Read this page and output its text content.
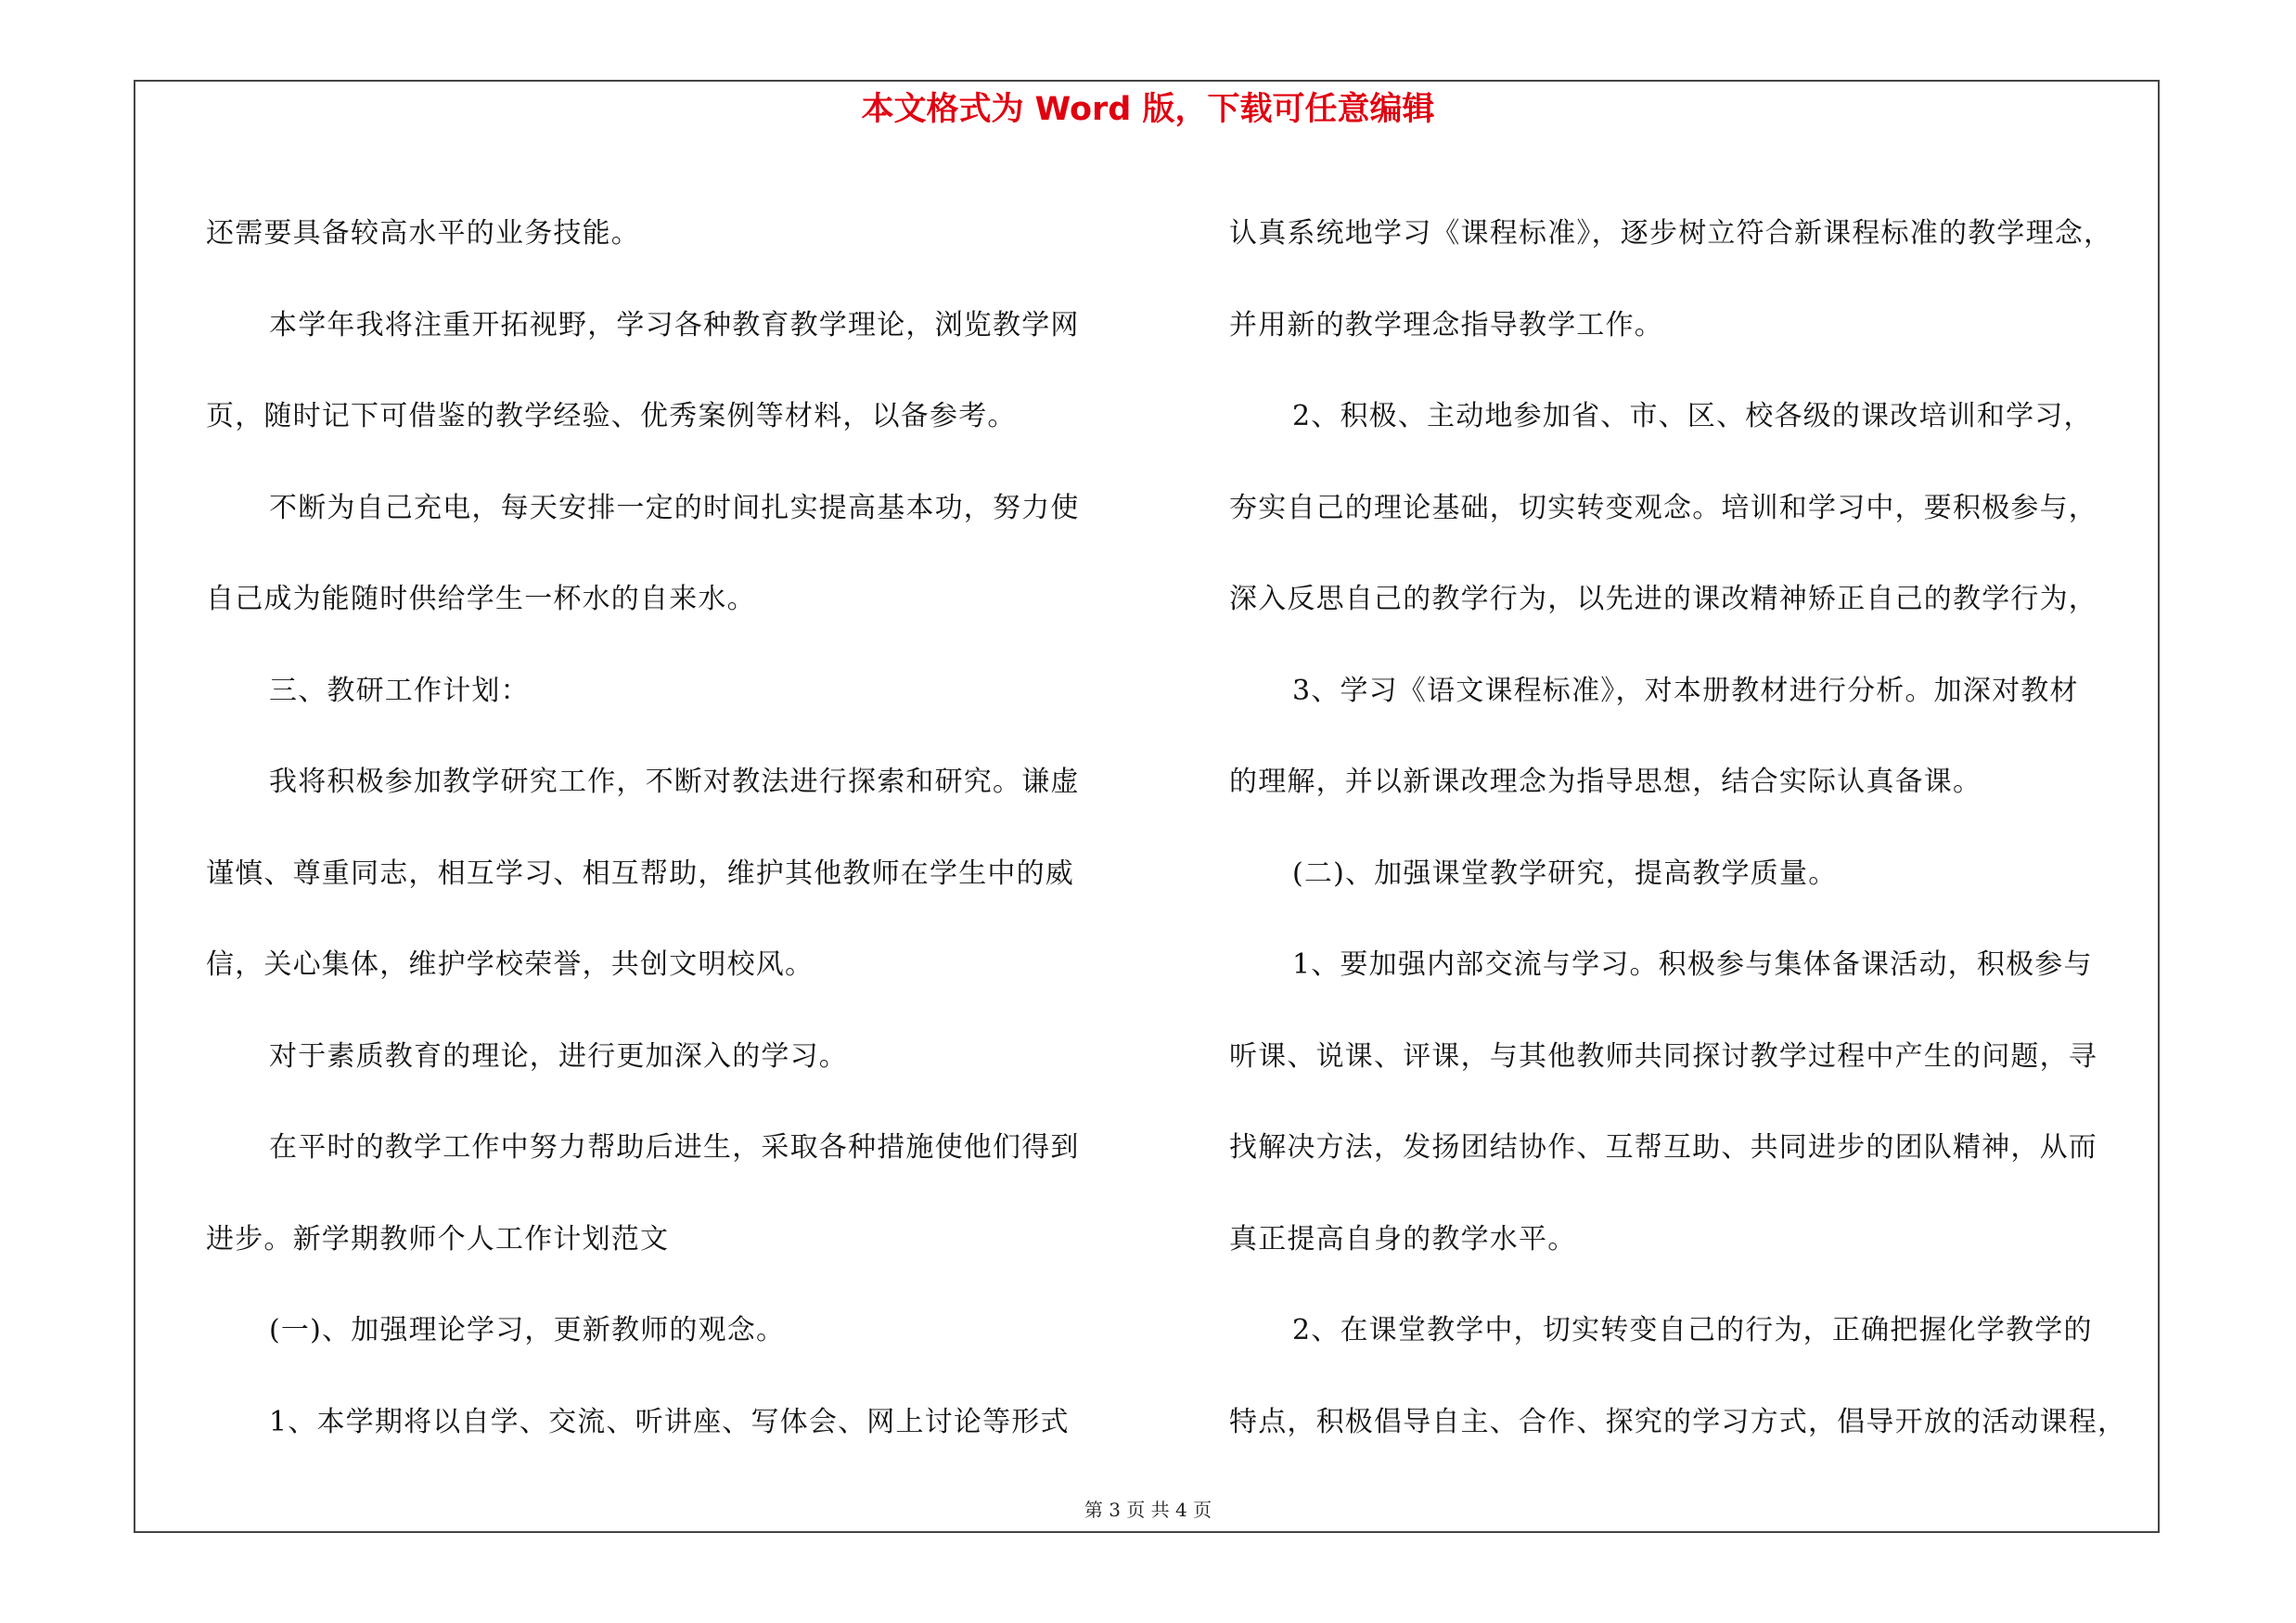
本文格式为 Word 版，下载可任意编辑
还需要具备较高水平的业务技能。
本学年我将注重开拓视野，学习各种教育教学理论，浏览教学网
页，随时记下可借鉴的教学经验、优秀案例等材料，以备参考。
不断为自己充电，每天安排一定的时间扎实提高基本功，努力使
自己成为能随时供给学生一杯水的自来水。
三、教研工作计划：
我将积极参加教学研究工作，不断对教法进行探索和研究。谦虚
谨慎、尊重同志，相互学习、相互帮助，维护其他教师在学生中的威
信，关心集体，维护学校荣誉，共创文明校风。
对于素质教育的理论，进行更加深入的学习。
在平时的教学工作中努力帮助后进生，采取各种措施使他们得到
进步。新学期教师个人工作计划范文
(一)、加强理论学习，更新教师的观念。
1、本学期将以自学、交流、听讲座、写体会、网上讨论等形式
认真系统地学习《课程标准》，逐步树立符合新课程标准的教学理念，
并用新的教学理念指导教学工作。
2、积极、主动地参加省、市、区、校各级的课改培训和学习，
夯实自己的理论基础，切实转变观念。培训和学习中，要积极参与，
深入反思自己的教学行为，以先进的课改精神矫正自己的教学行为，
3、学习《语文课程标准》，对本册教材进行分析。加深对教材
的理解，并以新课改理念为指导思想，结合实际认真备课。
(二)、加强课堂教学研究，提高教学质量。
1、要加强内部交流与学习。积极参与集体备课活动，积极参与
听课、说课、评课，与其他教师共同探讨教学过程中产生的问题，寻
找解决方法，发扬团结协作、互帮互助、共同进步的团队精神，从而
真正提高自身的教学水平。
2、在课堂教学中，切实转变自己的行为，正确把握化学教学的
特点，积极倡导自主、合作、探究的学习方式，倡导开放的活动课程，
第 3 页 共 4 页
